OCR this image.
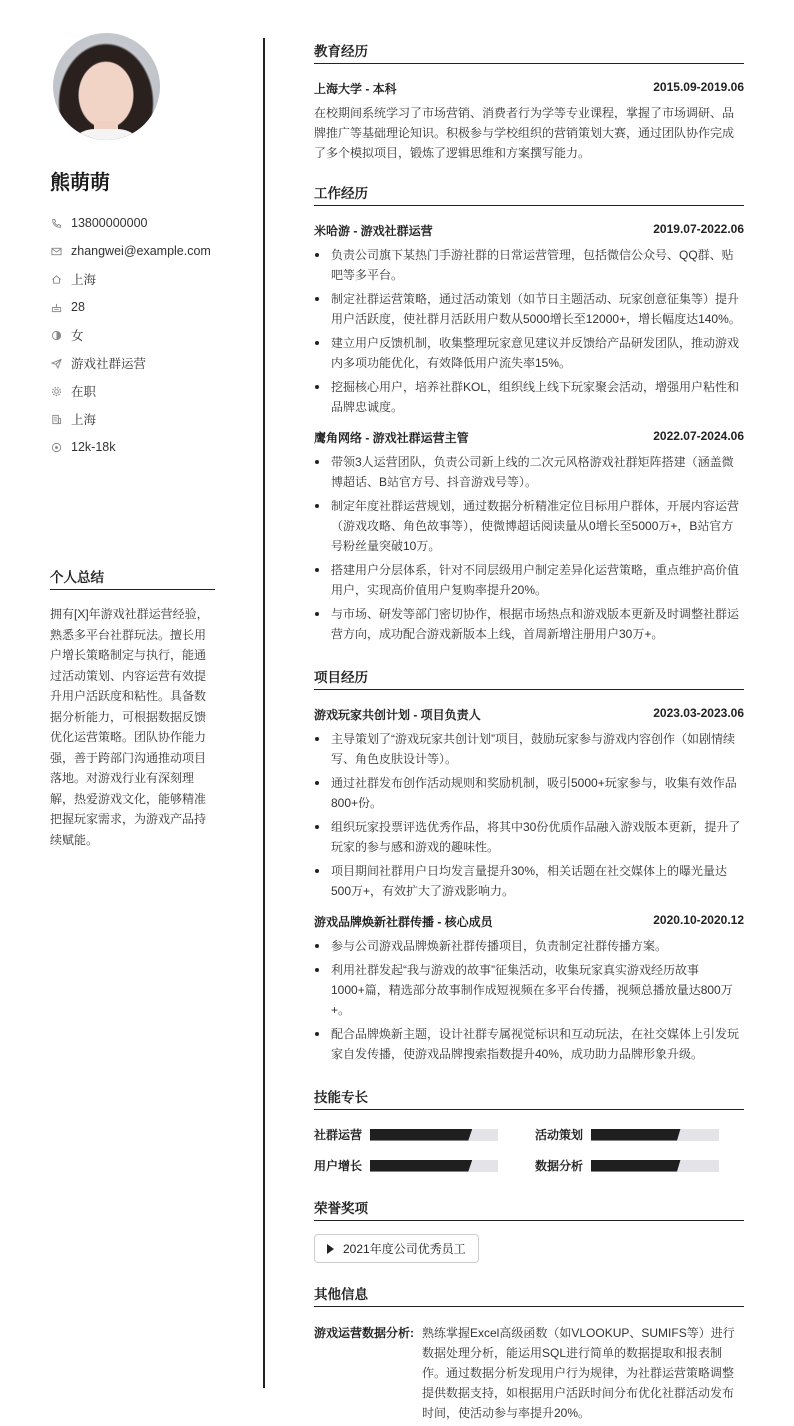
熊萌萌
13800000000
zhangwei@example.com
上海
28
女
游戏社群运营
在职
上海
12k-18k
个人总结

拥有[X]年游戏社群运营经验，熟悉多平台社群玩法。擅长用户增长策略制定与执行，能通过活动策划、内容运营有效提升用户活跃度和粘性。具备数据分析能力，可根据数据反馈优化运营策略。团队协作能力强，善于跨部门沟通推动项目落地。对游戏行业有深刻理解，热爱游戏文化，能够精准把握玩家需求，为游戏产品持续赋能。

教育经历
上海大学 - 本科	2015.09-2019.06
在校期间系统学习了市场营销、消费者行为学等专业课程，掌握了市场调研、品牌推广等基础理论知识。积极参与学校组织的营销策划大赛，通过团队协作完成了多个模拟项目，锻炼了逻辑思维和方案撰写能力。
工作经历
米哈游 - 游戏社群运营	2019.07-2022.06
负责公司旗下某热门手游社群的日常运营管理，包括微信公众号、QQ群、贴吧等多平台。
制定社群运营策略，通过活动策划（如节日主题活动、玩家创意征集等）提升用户活跃度，使社群月活跃用户数从5000增长至12000+，增长幅度达140%。
建立用户反馈机制，收集整理玩家意见建议并反馈给产品研发团队，推动游戏内多项功能优化，有效降低用户流失率15%。
挖掘核心用户，培养社群KOL，组织线上线下玩家聚会活动，增强用户粘性和品牌忠诚度。
鹰角网络 - 游戏社群运营主管	2022.07-2024.06
带领3人运营团队，负责公司新上线的二次元风格游戏社群矩阵搭建（涵盖微博超话、B站官方号、抖音游戏号等）。
制定年度社群运营规划，通过数据分析精准定位目标用户群体，开展内容运营（游戏攻略、角色故事等），使微博超话阅读量从0增长至5000万+，B站官方号粉丝量突破10万。
搭建用户分层体系，针对不同层级用户制定差异化运营策略，重点维护高价值用户，实现高价值用户复购率提升20%。
与市场、研发等部门密切协作，根据市场热点和游戏版本更新及时调整社群运营方向，成功配合游戏新版本上线，首周新增注册用户30万+。
项目经历
游戏玩家共创计划 - 项目负责人	2023.03-2023.06
主导策划了“游戏玩家共创计划”项目，鼓励玩家参与游戏内容创作（如剧情续写、角色皮肤设计等）。
通过社群发布创作活动规则和奖励机制，吸引5000+玩家参与，收集有效作品800+份。
组织玩家投票评选优秀作品，将其中30份优质作品融入游戏版本更新，提升了玩家的参与感和游戏的趣味性。
项目期间社群用户日均发言量提升30%，相关话题在社交媒体上的曝光量达500万+，有效扩大了游戏影响力。
游戏品牌焕新社群传播 - 核心成员	2020.10-2020.12
参与公司游戏品牌焕新社群传播项目，负责制定社群传播方案。
利用社群发起“我与游戏的故事”征集活动，收集玩家真实游戏经历故事1000+篇，精选部分故事制作成短视频在多平台传播，视频总播放量达800万+。
配合品牌焕新主题，设计社群专属视觉标识和互动玩法，在社交媒体上引发玩家自发传播，使游戏品牌搜索指数提升40%，成功助力品牌形象升级。
技能专长
社群运营	活动策划
用户增长	数据分析
荣誉奖项
2021年度公司优秀员工
其他信息
游戏运营数据分析: 熟练掌握Excel高级函数（如VLOOKUP、SUMIFS等）进行数据处理分析，能运用SQL进行简单的数据提取和报表制作。通过数据分析发现用户行为规律，为社群运营策略调整提供数据支持，如根据用户活跃时间分布优化社群活动发布时间，使活动参与率提升20%。
